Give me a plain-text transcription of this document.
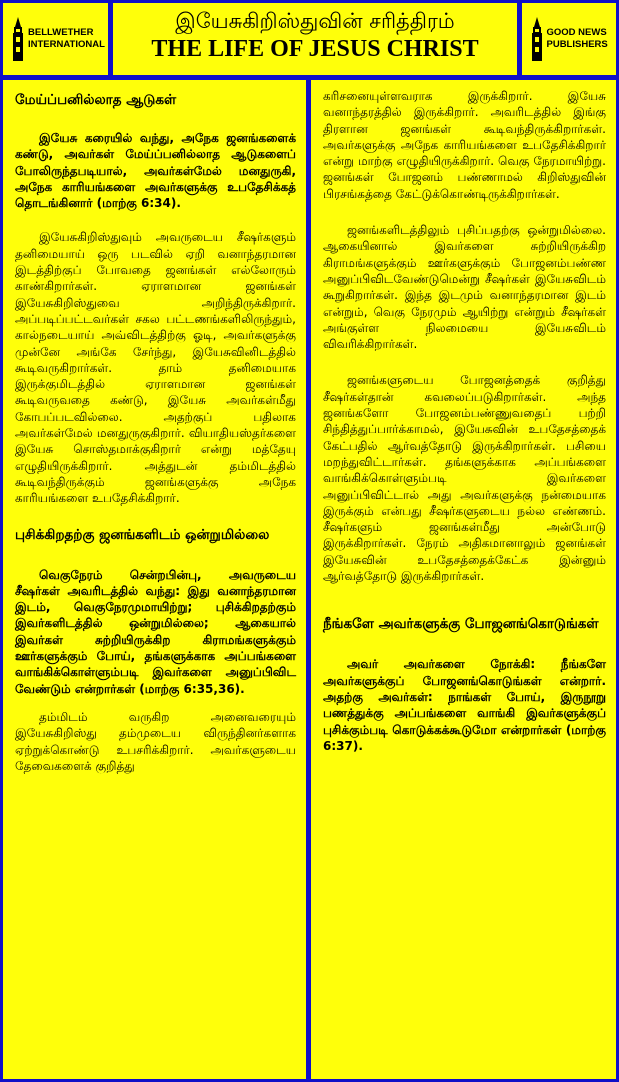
BELLWETHER INTERNATIONAL
இயேசுகிறிஸ்துவின் சரித்திரம்
THE LIFE OF JESUS CHRIST
GOOD NEWS PUBLISHERS
மேய்ப்பனில்லாத ஆடுகள்

இயேசு கரையில் வந்து, அநேக ஜனங்களைக் கண்டு, அவர்கள் மேய்ப்பனில்லாத ஆடுகளைப் போலிருந்தபடியால், அவர்கள்மேல் மனதுருகி, அநேக காரியங்களை அவர்களுக்கு உபதேசிக்கத் தொடங்கினார் (மாற்கு 6:34).

இயேசுகிறிஸ்துவும் அவருடைய சீஷர்களும் தனிமையாய் ஒரு படவில் ஏறி வனாந்தரமான இடத்திற்குப் போவதை ஜனங்கள் எல்லோரும் காண்கிறார்கள். ஏராளமான ஜனங்கள் இயேசுகிறிஸ்துவை அறிந்திருக்கிறார். அப்படிப்பட்டவர்கள் சகல பட்டணங்களிலிருந்தும், கால்நடையாய் அவ்விடத்திற்கு ஓடி, அவர்களுக்கு முன்னே அங்கே சேர்ந்து, இயேசுவினிடத்தில் கூடிவருகிறார்கள். தாம் தனிமையாக இருக்குமிடத்தில் ஏராளமான ஜனங்கள் கூடிவருவதை கண்டு, இயேசு அவர்கள்மீது கோபப்படவில்லை. அதற்குப் பதிலாக அவர்கள்மேல் மனதுருகுகிறார். வியாதியஸ்தர்களை இயேசு சொஸ்தமாக்குகிறார் என்று மத்தேயு எழுதியிருக்கிறார். அத்துடன் தம்மிடத்தில் கூடிவந்திருக்கும் ஜனங்களுக்கு அநேக காரியங்களை உபதேசிக்கிறார்.

புசிக்கிறதற்கு ஜனங்களிடம் ஒன்றுமில்லை

வெகுநேரம் சென்றபின்பு, அவருடைய சீஷர்கள் அவரிடத்தில் வந்து: இது வனாந்தரமான இடம், வெகுநேரமுமாயிற்று; புசிக்கிறதற்கும் இவர்களிடத்தில் ஒன்றுமில்லை; ஆகையால் இவர்கள் சுற்றியிருக்கிற கிராமங்களுக்கும் ஊர்களுக்கும் போய், தங்களுக்காக அப்பங்களை வாங்கிக்கொள்ளும்படி இவர்களை அனுப்பிவிட வேண்டும் என்றார்கள் (மாற்கு 6:35,36).

தம்மிடம் வருகிற அனைவரையும் இயேசுகிறிஸ்து தம்முடைய விருந்தினர்களாக ஏற்றுக்கொண்டு உபசரிக்கிறார். அவர்களுடைய தேவைகளைக் குறித்து

கரிசனையுள்ளவராக இருக்கிறார். இயேசு வனாந்தரத்தில் இருக்கிறார். அவரிடத்தில் இங்கு திரளான ஜனங்கள் கூடிவந்திருக்கிறார்கள். அவர்களுக்கு அநேக காரியங்களை உபதேசிக்கிறார் என்று மாற்கு எழுதியிருக்கிறார். வெகு நேரமாயிற்று. ஜனங்கள் போஜனம் பண்ணாமல் கிறிஸ்துவின் பிரசங்கத்தை கேட்டுக்கொண்டிருக்கிறார்கள்.

ஜனங்களிடத்திலும் புசிப்பதற்கு ஒன்றுமில்லை. ஆகையினால் இவர்களை சுற்றியிருக்கிற கிராமங்களுக்கும் ஊர்களுக்கும் போஜனம்பண்ண அனுப்பிவிடவேண்டுமென்று சீஷர்கள் இயேசுவிடம் கூறுகிறார்கள். இந்த இடமும் வனாந்தரமான இடம் என்றும், வெகு நேரமும் ஆயிற்று என்றும் சீஷர்கள் அங்குள்ள நிலமையை இயேசுவிடம் விவரிக்கிறார்கள்.

ஜனங்களுடைய போஜனத்தைக் குறித்து சீஷர்கள்தான் கவலைப்படுகிறார்கள். அந்த ஜனங்களோ போஜனம்பண்ணுவதைப் பற்றி சிந்தித்துப்பார்க்காமல், இயேசுவின் உபதேசத்தைக் கேட்பதில் ஆர்வத்தோடு இருக்கிறார்கள். பசியை மறந்துவிட்டார்கள். தங்களுக்காக அப்பங்களை வாங்கிக்கொள்ளும்படி இவர்களை அனுப்பிவிட்டால் அது அவர்களுக்கு நன்மையாக இருக்கும் என்பது சீஷர்களுடைய நல்ல எண்ணம். சீஷர்களும் ஜனங்கள்மீது அன்போடு இருக்கிறார்கள். நேரம் அதிகமானாலும் ஜனங்கள் இயேசுவின் உபதேசத்தைக்கேட்க இன்னும் ஆர்வத்தோடு இருக்கிறார்கள்.

நீங்களே அவர்களுக்கு போஜனங்கொடுங்கள்

அவர் அவர்களை நோக்கி: நீங்களே அவர்களுக்குப் போஜனங்கொடுங்கள் என்றார். அதற்கு அவர்கள்: நாங்கள் போய், இருநூறு பணத்துக்கு அப்பங்களை வாங்கி இவர்களுக்குப் புசிக்கும்படி கொடுக்கக்கூடுமோ என்றார்கள் (மாற்கு 6:37).
